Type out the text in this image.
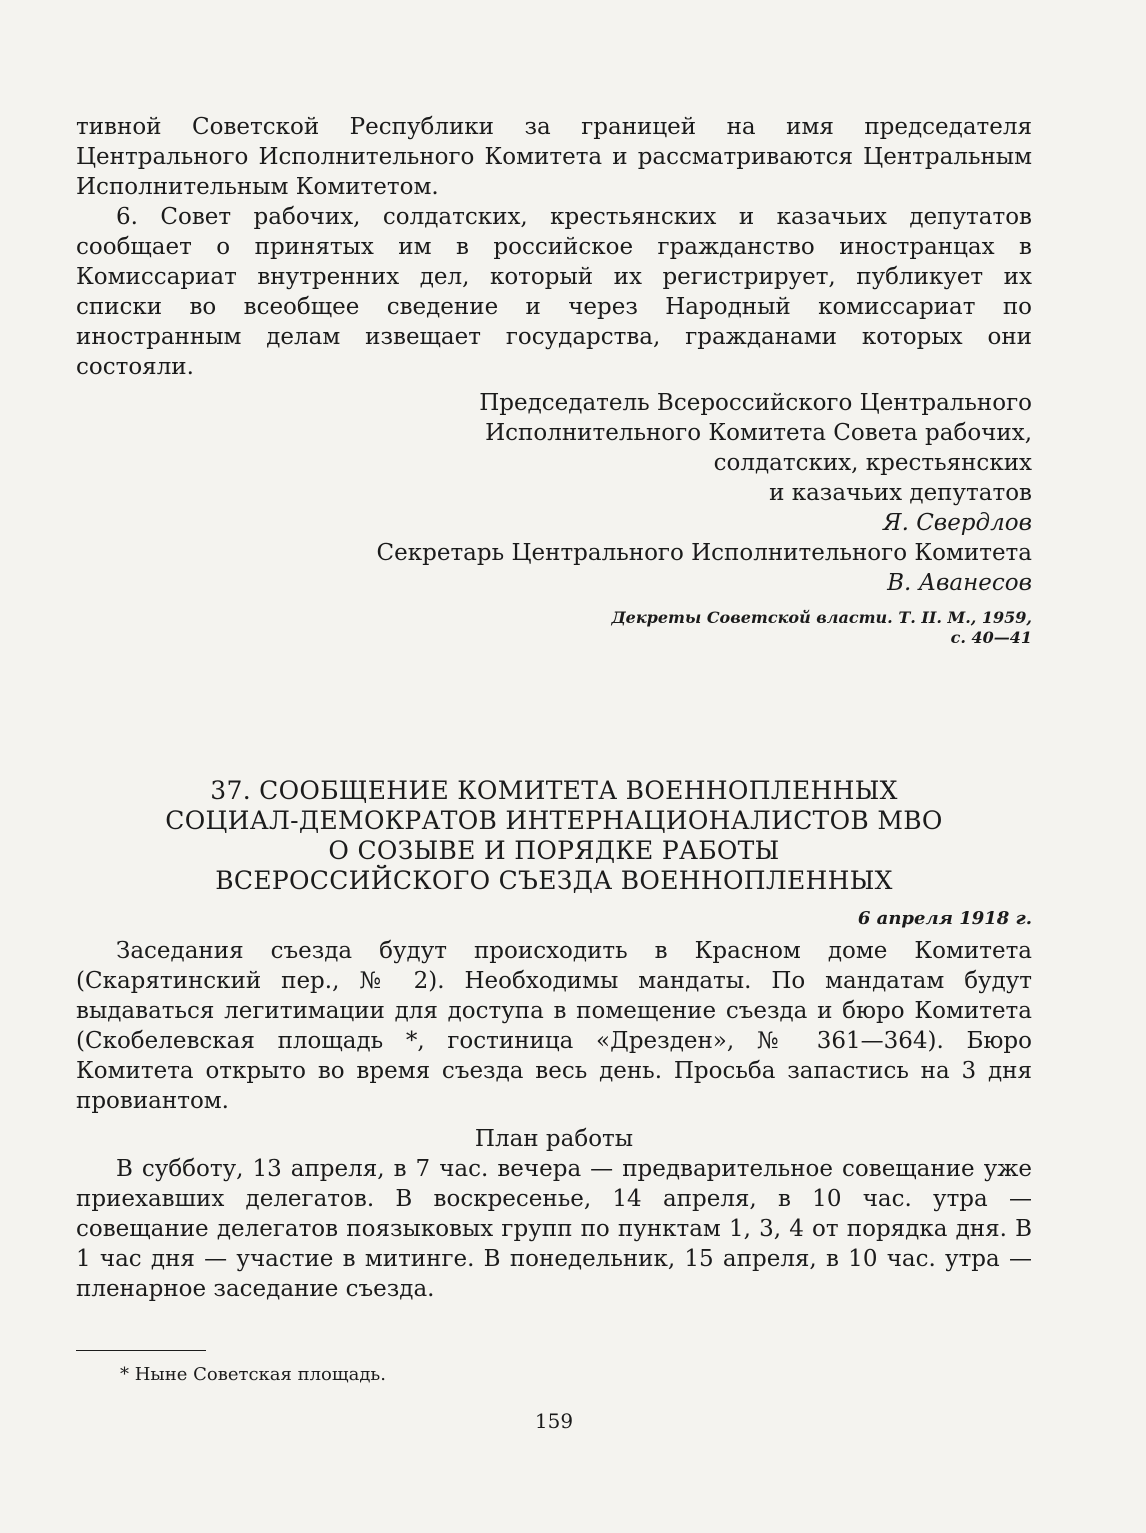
тивной Советской Республики за границей на имя председателя Центрального Исполнительного Комитета и рассматриваются Центральным Исполнительным Комитетом.

6. Совет рабочих, солдатских, крестьянских и казачьих депутатов сообщает о принятых им в российское гражданство иностранцах в Комиссариат внутренних дел, который их регистрирует, публикует их списки во всеобщее сведение и через Народный комиссариат по иностранным делам извещает государства, гражданами которых они состояли.

Председатель Всероссийского Центрального
Исполнительного Комитета Совета рабочих,
солдатских, крестьянских
и казачьих депутатов
Я. Свердлов
Секретарь Центрального Исполнительного Комитета
В. Аванесов
Декреты Советской власти. Т. II. М., 1959,
с. 40—41
37. СООБЩЕНИЕ КОМИТЕТА ВОЕННОПЛЕННЫХ
СОЦИАЛ-ДЕМОКРАТОВ ИНТЕРНАЦИОНАЛИСТОВ МВО
О СОЗЫВЕ И ПОРЯДКЕ РАБОТЫ
ВСЕРОССИЙСКОГО СЪЕЗДА ВОЕННОПЛЕННЫХ
6 апреля 1918 г.

Заседания съезда будут происходить в Красном доме Комитета (Скарятинский пер., № 2). Необходимы мандаты. По мандатам будут выдаваться легитимации для доступа в помещение съезда и бюро Комитета (Скобелевская площадь *, гостиница «Дрезден», № 361—364). Бюро Комитета открыто во время съезда весь день. Просьба запастись на 3 дня провиантом.

План работы

В субботу, 13 апреля, в 7 час. вечера — предварительное совещание уже приехавших делегатов. В воскресенье, 14 апреля, в 10 час. утра — совещание делегатов поязыковых групп по пунктам 1, 3, 4 от порядка дня. В 1 час дня — участие в митинге. В понедельник, 15 апреля, в 10 час. утра — пленарное заседание съезда.

* Ныне Советская площадь.
159
